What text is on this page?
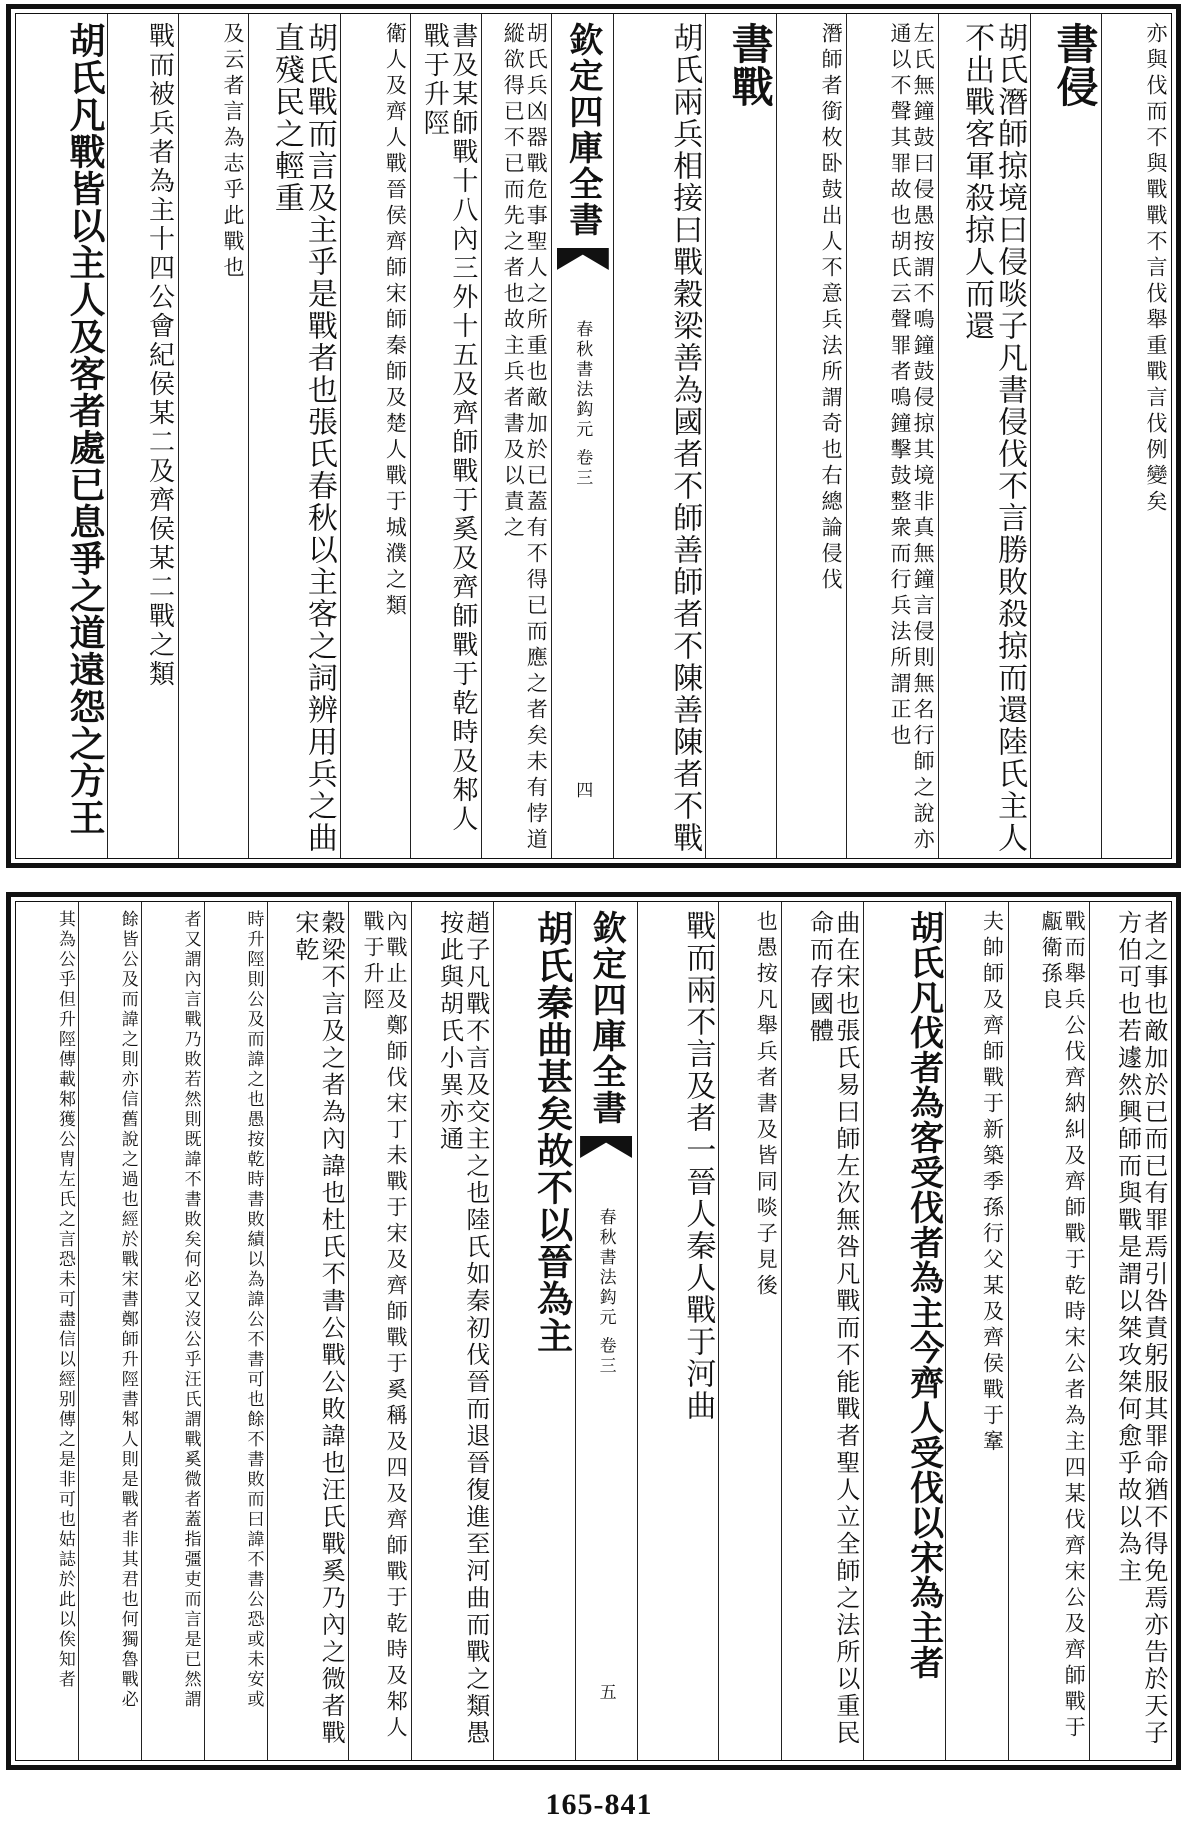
亦與伐而不與戰戰不言伐舉重戰言伐例變矣
書侵
胡氏潛師掠境曰侵啖子凡書侵伐不言勝敗殺掠而還陸氏主人不出戰客軍殺掠人而還
左氏無鐘鼓曰侵愚按謂不鳴鐘鼓侵掠其境非真無鐘言侵則無名行師之說亦通以不聲其罪故也胡氏云聲罪者鳴鐘擊鼓整衆而行兵法所謂正也
潛師者銜枚卧鼓出人不意兵法所謂奇也右總論侵伐
書戰
胡氏兩兵相接曰戰穀梁善為國者不師善師者不陳善陳者不戰
欽定四庫全書
春秋書法鈎元 卷三
四
胡氏兵凶器戰危事聖人之所重也敵加於已蓋有不得已而應之者矣未有悖道縱欲得已不已而先之者也故主兵者書及以責之
書及某師戰十八內三外十五及齊師戰于奚及齊師戰于乾時及邾人戰于升陘
衛人及齊人戰晉侯齊師宋師秦師及楚人戰于城濮之類
胡氏戰而言及主乎是戰者也張氏春秋以主客之詞辨用兵之曲直殘民之輕重
及云者言為志乎此戰也
戰而被兵者為主十四公會紀侯某二及齊侯某二戰之類
胡氏凡戰皆以主人及客者處已息爭之道遠怨之方王
者之事也敵加於已而已有罪焉引咎責躬服其罪命猶不得免焉亦告於天子方伯可也若遽然興師而與戰是謂以桀攻桀何愈乎故以為主
戰而舉兵公伐齊納糾及齊師戰于乾時宋公者為主四某伐齊宋公及齊師戰于甗衛孫良
夫帥師及齊師戰于新築季孫行父某及齊侯戰于鞌
胡氏凡伐者為客受伐者為主今齊人受伐以宋為主者
曲在宋也張氏易曰師左次無咎凡戰而不能戰者聖人立全師之法所以重民命而存國體
也愚按凡舉兵者書及皆同啖子見後
戰而兩不言及者一晉人秦人戰于河曲
欽定四庫全書
春秋書法鈎元 卷三
五
胡氏秦曲甚矣故不以晉為主
趙子凡戰不言及交主之也陸氏如秦初伐晉而退晉復進至河曲而戰之類愚按此與胡氏小異亦通
內戰止及鄭師伐宋丁未戰于宋及齊師戰于奚稱及四及齊師戰于乾時及邾人戰于升陘
穀梁不言及之者為內諱也杜氏不書公戰公敗諱也汪氏戰奚乃內之微者戰宋乾
時升陘則公及而諱之也愚按乾時書敗績以為諱公不書可也餘不書敗而曰諱不書公恐或未安或
者又謂內言戰乃敗若然則既諱不書敗矣何必又沒公乎汪氏謂戰奚微者蓋指彊吏而言是已然謂
餘皆公及而諱之則亦信舊說之過也經於戰宋書鄭師升陘書邾人則是戰者非其君也何獨魯戰必
其為公乎但升陘傳載邾獲公冑左氏之言恐未可盡信以經别傳之是非可也姑誌於此以俟知者
165-841
